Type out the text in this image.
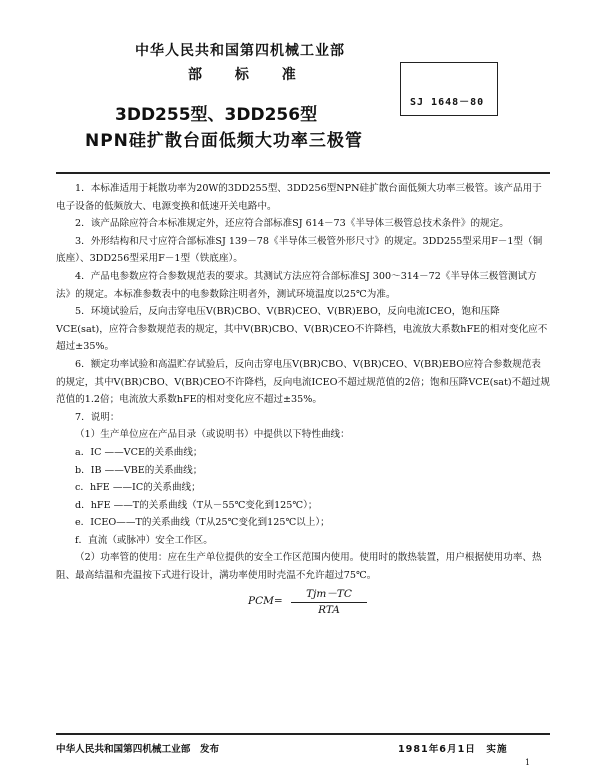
中华人民共和国第四机械工业部
部 标 准
SJ 1648－80
3DD255型、3DD256型
NPN硅扩散台面低频大功率三极管

1．本标准适用于耗散功率为20W的3DD255型、3DD256型NPN硅扩散台面低频大功率三极管。该产品用于电子设备的低频放大、电源变换和低速开关电路中。

2．该产品除应符合本标准规定外，还应符合部标准SJ 614－73《半导体三极管总技术条件》的规定。

3．外形结构和尺寸应符合部标准SJ 139－78《半导体三极管外形尺寸》的规定。3DD255型采用F－1型（铜底座）、3DD256型采用F－1型（铁底座）。

4．产品电参数应符合参数规范表的要求。其测试方法应符合部标准SJ 300～314－72《半导体三极管测试方法》的规定。本标准参数表中的电参数除注明者外，测试环境温度以25℃为准。

5．环境试验后，反向击穿电压V(BR)CBO、V(BR)CEO、V(BR)EBO，反向电流ICEO，饱和压降VCE(sat)，应符合参数规范表的规定，其中V(BR)CBO、V(BR)CEO不许降档，电流放大系数hFE的相对变化应不超过±35%。

6．额定功率试验和高温贮存试验后，反向击穿电压V(BR)CBO、V(BR)CEO、V(BR)EBO应符合参数规范表的规定，其中V(BR)CBO、V(BR)CEO不许降档，反向电流ICEO不超过规范值的2倍；饱和压降VCE(sat)不超过规范值的1.2倍；电流放大系数hFE的相对变化应不超过±35%。

7．说明：

（1）生产单位应在产品目录（或说明书）中提供以下特性曲线：

a．IC ——VCE的关系曲线；

b．IB ——VBE的关系曲线；

c．hFE ——IC的关系曲线；

d．hFE ——T的关系曲线（T从－55℃变化到125℃）；

e．ICEO——T的关系曲线（T从25℃变化到125℃以上）；

f．直流（或脉冲）安全工作区。

（2）功率管的使用：应在生产单位提供的安全工作区范围内使用。使用时的散热装置，用户根据使用功率、热阻、最高结温和壳温按下式进行设计，满功率使用时壳温不允许超过75℃。

PCM=
Tjm－TC
RTA
中华人民共和国第四机械工业部　发布	1981年6月1日　实施
1
